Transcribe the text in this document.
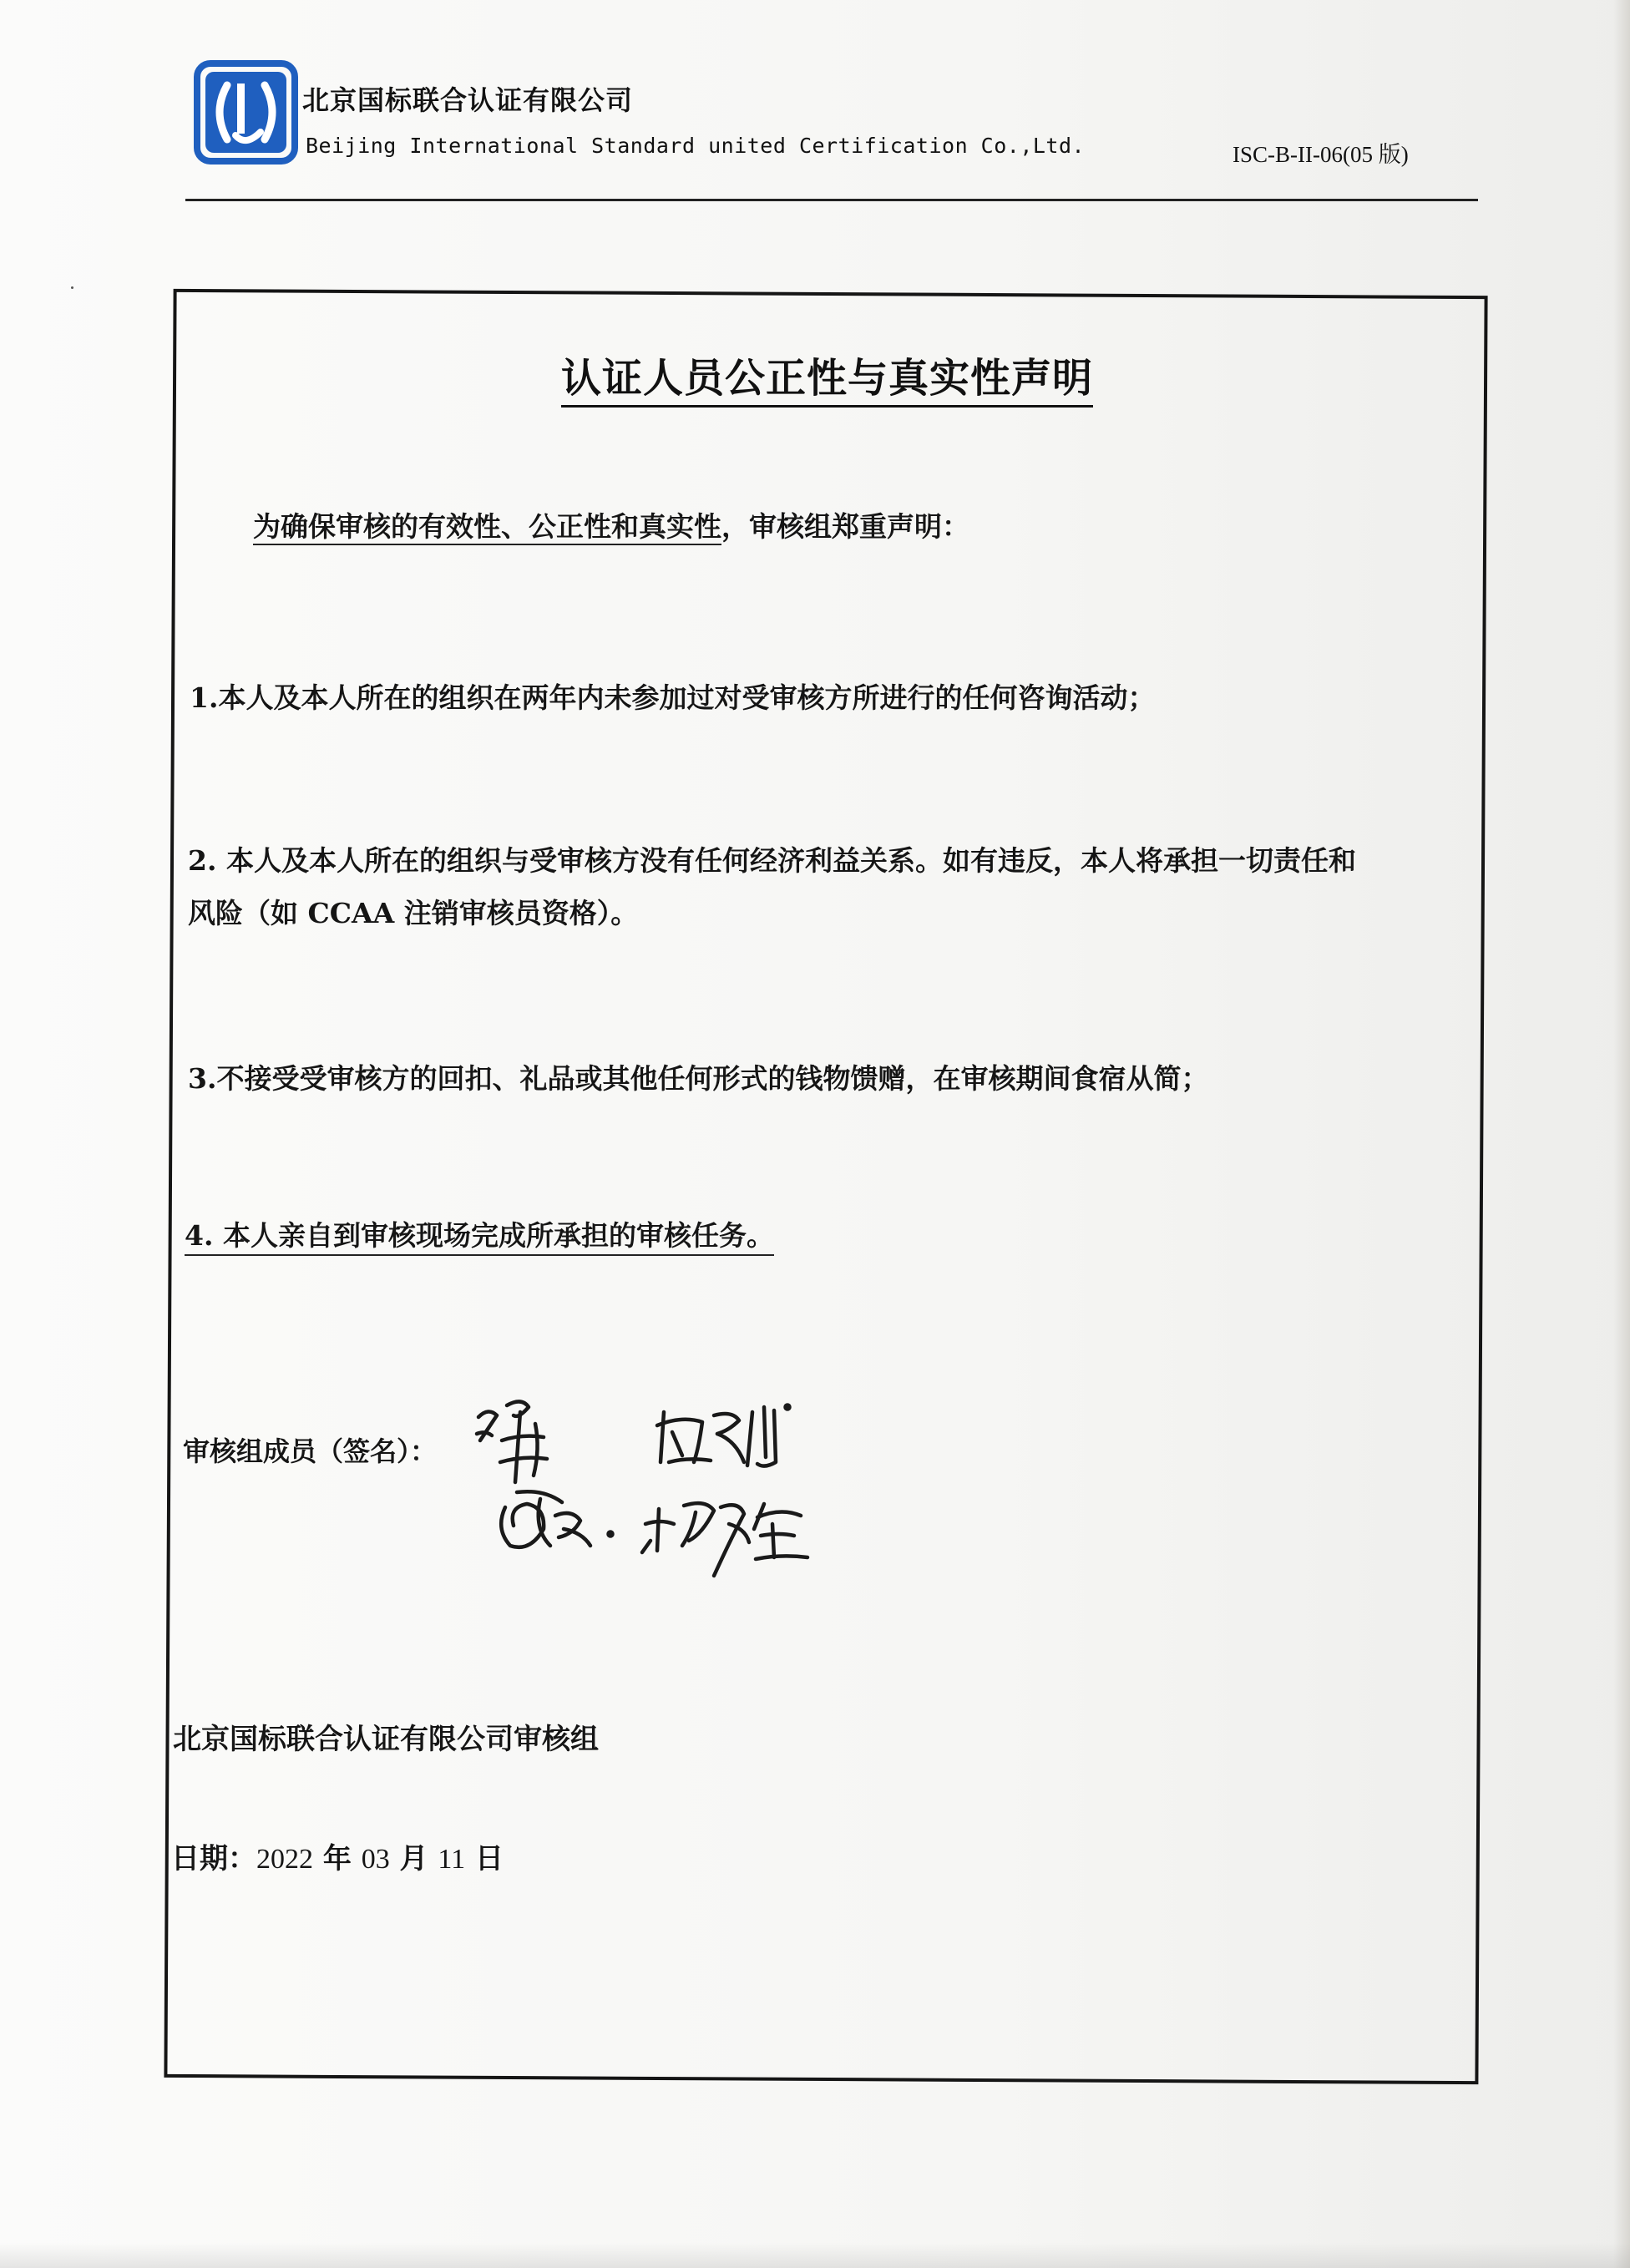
北京国标联合认证有限公司
Beijing International Standard united Certification Co.,Ltd.	ISC-B-II-06(05 版)
认证人员公正性与真实性声明
为确保审核的有效性、公正性和真实性，审核组郑重声明：
1.本人及本人所在的组织在两年内未参加过对受审核方所进行的任何咨询活动；
2. 本人及本人所在的组织与受审核方没有任何经济利益关系。如有违反，本人将承担一切责任和
风险（如 CCAA 注销审核员资格）。
3.不接受受审核方的回扣、礼品或其他任何形式的钱物馈赠，在审核期间食宿从简；
4. 本人亲自到审核现场完成所承担的审核任务。
审核组成员（签名）：
北京国标联合认证有限公司审核组
日期：2022 年 03 月 11 日
